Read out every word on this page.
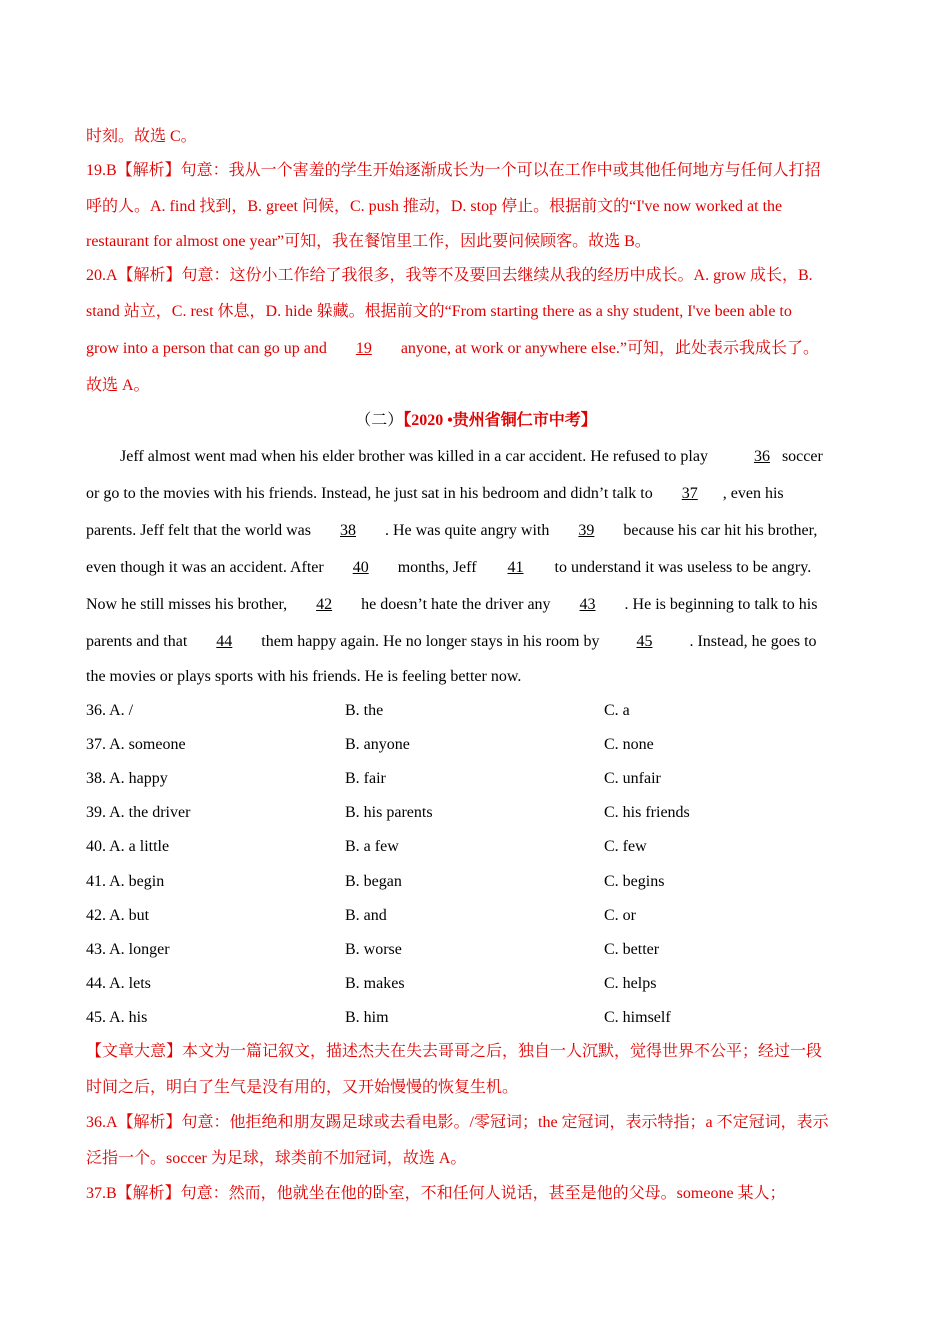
时刻。故选 C。
19.B【解析】句意：我从一个害羞的学生开始逐渐成长为一个可以在工作中或其他任何地方与任何人打招
呼的人。A. find 找到，B. greet 问候，C. push 推动，D. stop 停止。根据前文的“I've now worked at the
restaurant for almost one year”可知，我在餐馆里工作，因此要问候顾客。故选 B。
20.A【解析】句意：这份小工作给了我很多，我等不及要回去继续从我的经历中成长。A. grow 成长，B.
stand 站立，C. rest 休息，D. hide 躲藏。根据前文的“From starting there as a shy student, I've been able to
grow into a person that can go up and 19 anyone, at work or anywhere else.”可知，此处表示我成长了。
故选 A。
（二）【2020 •贵州省铜仁市中考】
Jeff almost went mad when his elder brother was killed in a car accident. He refused to play	36 soccer
or go to the movies with his friends. Instead, he just sat in his bedroom and didn’t talk to 37 , even his
parents. Jeff felt that the world was 38 . He was quite angry with 39 because his car hit his brother,
even though it was an accident. After 40 months, Jeff 41 to understand it was useless to be angry.
Now he still misses his brother, 42 he doesn’t hate the driver any 43 . He is beginning to talk to his
parents and that 44 them happy again. He no longer stays in his room by 45 . Instead, he goes to
the movies or plays sports with his friends. He is feeling better now.
36. A. /	B. the	C. a
37. A. someone	B. anyone	C. none
38. A. happy	B. fair	C. unfair
39. A. the driver	B. his parents	C. his friends
40. A. a little	B. a few	C. few
41. A. begin	B. began	C. begins
42. A. but	B. and	C. or
43. A. longer	B. worse	C. better
44. A. lets	B. makes	C. helps
45. A. his	B. him	C. himself
【文章大意】本文为一篇记叙文，描述杰夫在失去哥哥之后，独自一人沉默，觉得世界不公平；经过一段
时间之后，明白了生气是没有用的，又开始慢慢的恢复生机。
36.A【解析】句意：他拒绝和朋友踢足球或去看电影。/零冠词；the 定冠词，表示特指；a 不定冠词，表示
泛指一个。soccer 为足球，球类前不加冠词，故选 A。
37.B【解析】句意：然而，他就坐在他的卧室，不和任何人说话，甚至是他的父母。someone 某人；
